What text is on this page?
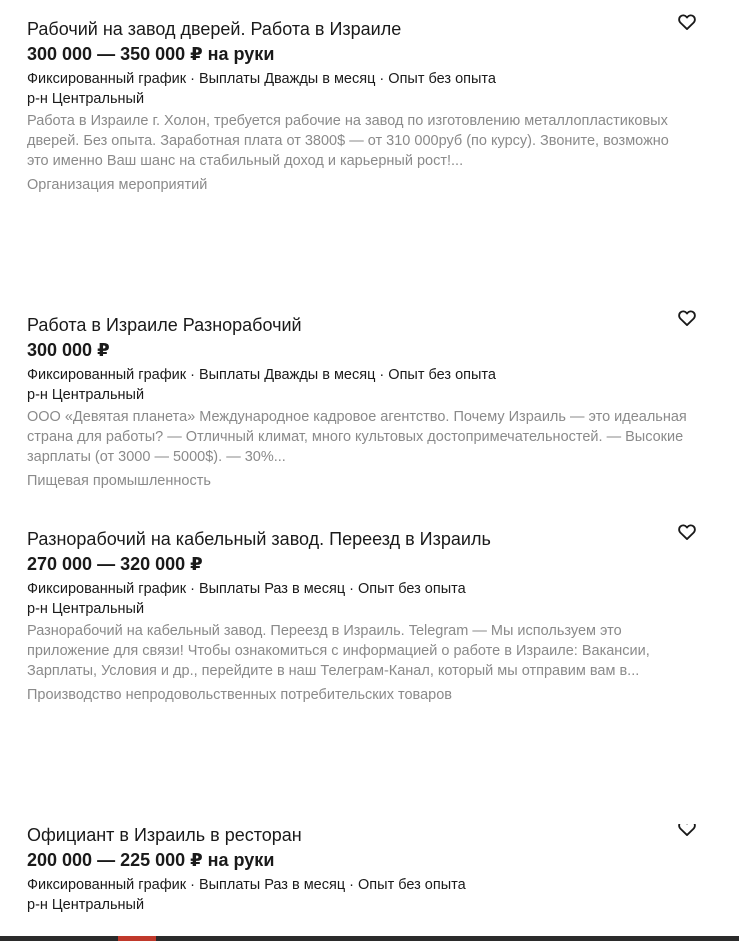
Рабочий на завод дверей. Работа в Израиле
300 000 — 350 000 ₽ на руки
Фиксированный график · Выплаты Дважды в месяц · Опыт без опыта
р-н Центральный
Работа в Израиле г. Холон, требуется рабочие на завод по изготовлению металлопластиковых дверей. Без опыта. Заработная плата от 3800$ — от 310 000руб (по курсу). Звоните, возможно это именно Ваш шанс на стабильный доход и карьерный рост!...
Организация мероприятий
Работа в Израиле Разнорабочий
300 000 ₽
Фиксированный график · Выплаты Дважды в месяц · Опыт без опыта
р-н Центральный
ООО «Девятая планета» Международное кадровое агентство. Почему Израиль — это идеальная страна для работы? — Отличный климат, много культовых достопримечательностей. — Высокие зарплаты (от 3000 — 5000$). — 30%...
Пищевая промышленность
Разнорабочий на кабельный завод. Переезд в Израиль
270 000 — 320 000 ₽
Фиксированный график · Выплаты Раз в месяц · Опыт без опыта
р-н Центральный
Разнорабочий на кабельный завод. Переезд в Израиль. Telegram — Мы используем это приложение для связи! Чтобы ознакомиться с информацией о работе в Израиле: Вакансии, Зарплаты, Условия и др., перейдите в наш Телеграм-Канал, который мы отправим вам в...
Производство непродовольственных потребительских товаров
Официант в Израиль в ресторан
200 000 — 225 000 ₽ на руки
Фиксированный график · Выплаты Раз в месяц · Опыт без опыта
р-н Центральный
